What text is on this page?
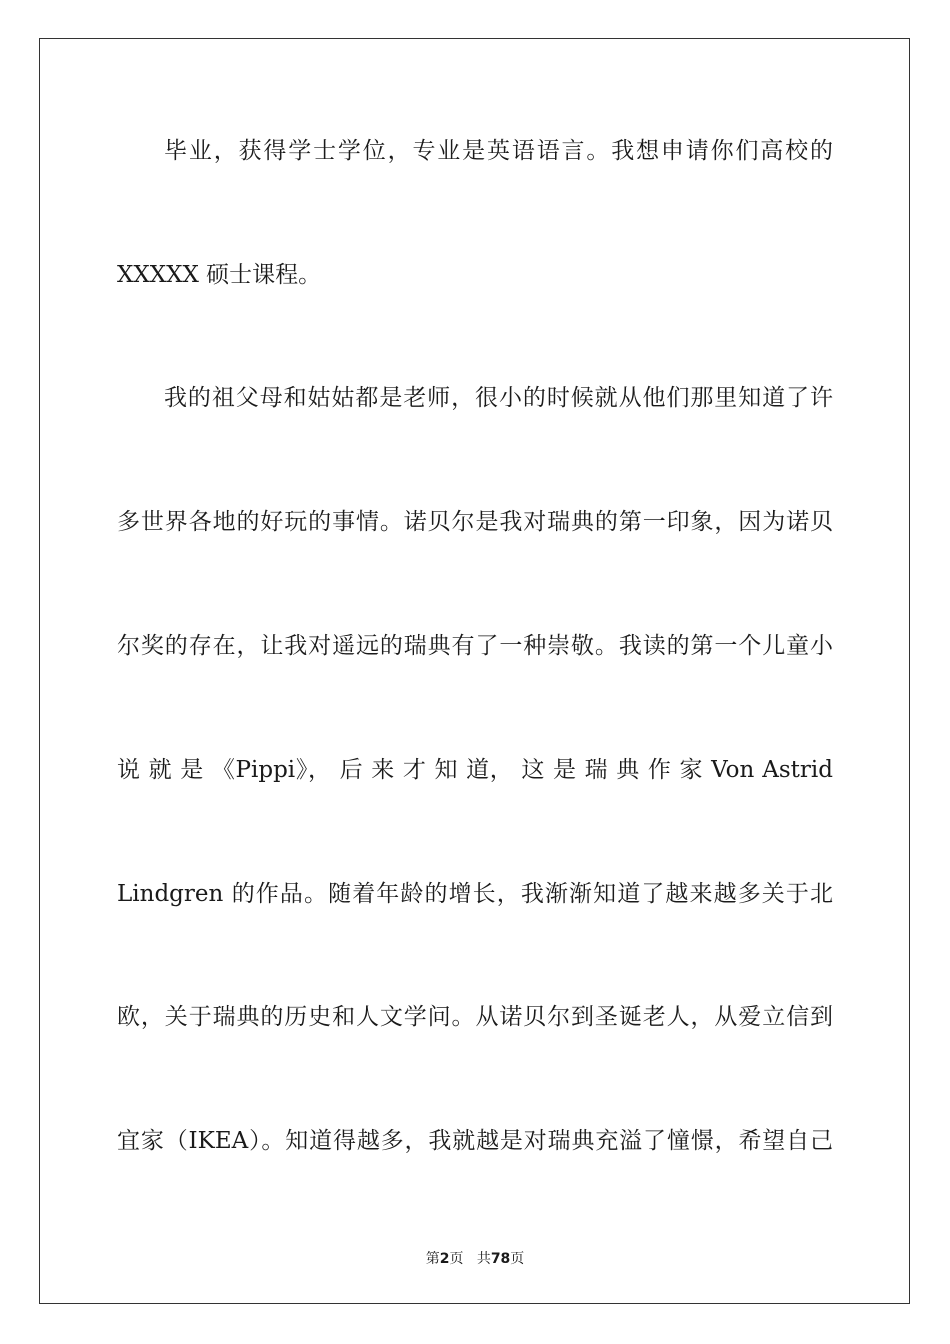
毕业，获得学士学位，专业是英语语言。我想申请你们高校的
XXXXX 硕士课程。
我的祖父母和姑姑都是老师，很小的时候就从他们那里知道了许
多世界各地的好玩的事情。诺贝尔是我对瑞典的第一印象，因为诺贝
尔奖的存在，让我对遥远的瑞典有了一种崇敬。我读的第一个儿童小
说 就 是 《Pippi》， 后 来 才 知 道， 这 是 瑞 典 作 家 Von Astrid
Lindgren 的作品。随着年龄的增长，我渐渐知道了越来越多关于北
欧，关于瑞典的历史和人文学问。从诺贝尔到圣诞老人，从爱立信到
宜家（IKEA）。知道得越多，我就越是对瑞典充溢了憧憬，希望自己
第2页 共78页
